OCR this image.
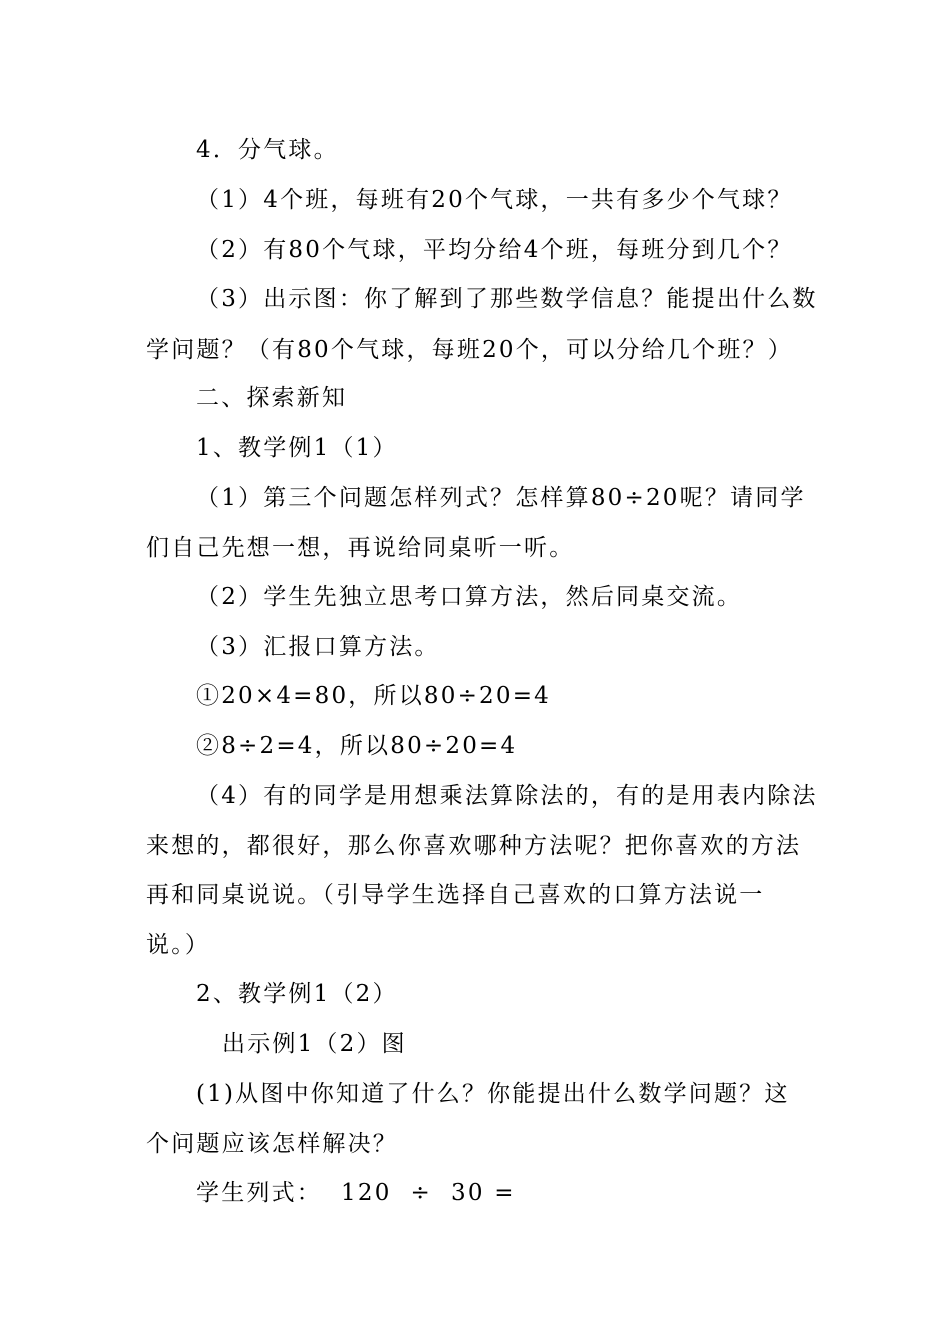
4．分气球。
（1）4个班，每班有20个气球，一共有多少个气球？
（2）有80个气球，平均分给4个班，每班分到几个？
（3）出示图：你了解到了那些数学信息？能提出什么数
学问题？（有80个气球，每班20个，可以分给几个班？）
二、探索新知
1、教学例1（1）
（1）第三个问题怎样列式？怎样算80÷20呢？请同学
们自己先想一想，再说给同桌听一听。
（2）学生先独立思考口算方法，然后同桌交流。
（3）汇报口算方法。
①20×4=80，所以80÷20=4
②8÷2=4，所以80÷20=4
（4）有的同学是用想乘法算除法的，有的是用表内除法
来想的，都很好，那么你喜欢哪种方法呢？把你喜欢的方法
再和同桌说说。（引导学生选择自己喜欢的口算方法说一
说。）
2、教学例1（2）
出示例1（2）图
(1)从图中你知道了什么？你能提出什么数学问题？这
个问题应该怎样解决？
学生列式：  120  ÷  30 =
